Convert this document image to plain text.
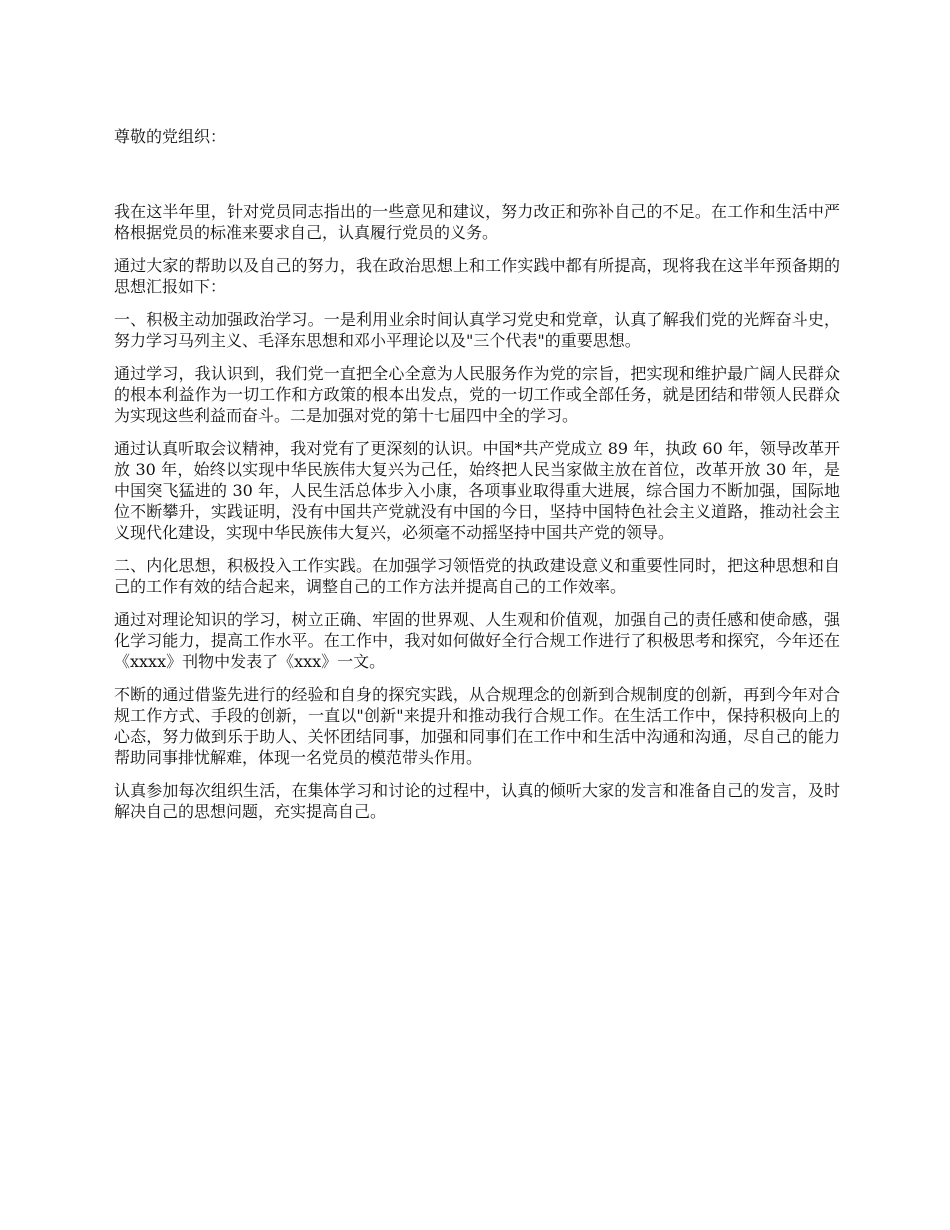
尊敬的党组织：

我在这半年里，针对党员同志指出的一些意见和建议，努力改正和弥补自己的不足。在工作和生活中严格根据党员的标准来要求自己，认真履行党员的义务。

通过大家的帮助以及自己的努力，我在政治思想上和工作实践中都有所提高，现将我在这半年预备期的思想汇报如下：

一、积极主动加强政治学习。一是利用业余时间认真学习党史和党章，认真了解我们党的光辉奋斗史，努力学习马列主义、毛泽东思想和邓小平理论以及"三个代表"的重要思想。

通过学习，我认识到，我们党一直把全心全意为人民服务作为党的宗旨，把实现和维护最广阔人民群众的根本利益作为一切工作和方政策的根本出发点，党的一切工作或全部任务，就是团结和带领人民群众为实现这些利益而奋斗。二是加强对党的第十七届四中全的学习。

通过认真听取会议精神，我对党有了更深刻的认识。中国*共产党成立 89 年，执政 60 年，领导改革开放 30 年，始终以实现中华民族伟大复兴为己任，始终把人民当家做主放在首位，改革开放 30 年，是中国突飞猛进的 30 年，人民生活总体步入小康，各项事业取得重大进展，综合国力不断加强，国际地位不断攀升，实践证明，没有中国共产党就没有中国的今日，坚持中国特色社会主义道路，推动社会主义现代化建设，实现中华民族伟大复兴，必须毫不动摇坚持中国共产党的领导。

二、内化思想，积极投入工作实践。在加强学习领悟党的执政建设意义和重要性同时，把这种思想和自己的工作有效的结合起来，调整自己的工作方法并提高自己的工作效率。

通过对理论知识的学习，树立正确、牢固的世界观、人生观和价值观，加强自己的责任感和使命感，强化学习能力，提高工作水平。在工作中，我对如何做好全行合规工作进行了积极思考和探究，今年还在《xxxx》刊物中发表了《xxx》一文。

不断的通过借鉴先进行的经验和自身的探究实践，从合规理念的创新到合规制度的创新，再到今年对合规工作方式、手段的创新，一直以"创新"来提升和推动我行合规工作。在生活工作中，保持积极向上的心态，努力做到乐于助人、关怀团结同事，加强和同事们在工作中和生活中沟通和沟通，尽自己的能力帮助同事排忧解难，体现一名党员的模范带头作用。

认真参加每次组织生活，在集体学习和讨论的过程中，认真的倾听大家的发言和准备自己的发言，及时解决自己的思想问题，充实提高自己。
